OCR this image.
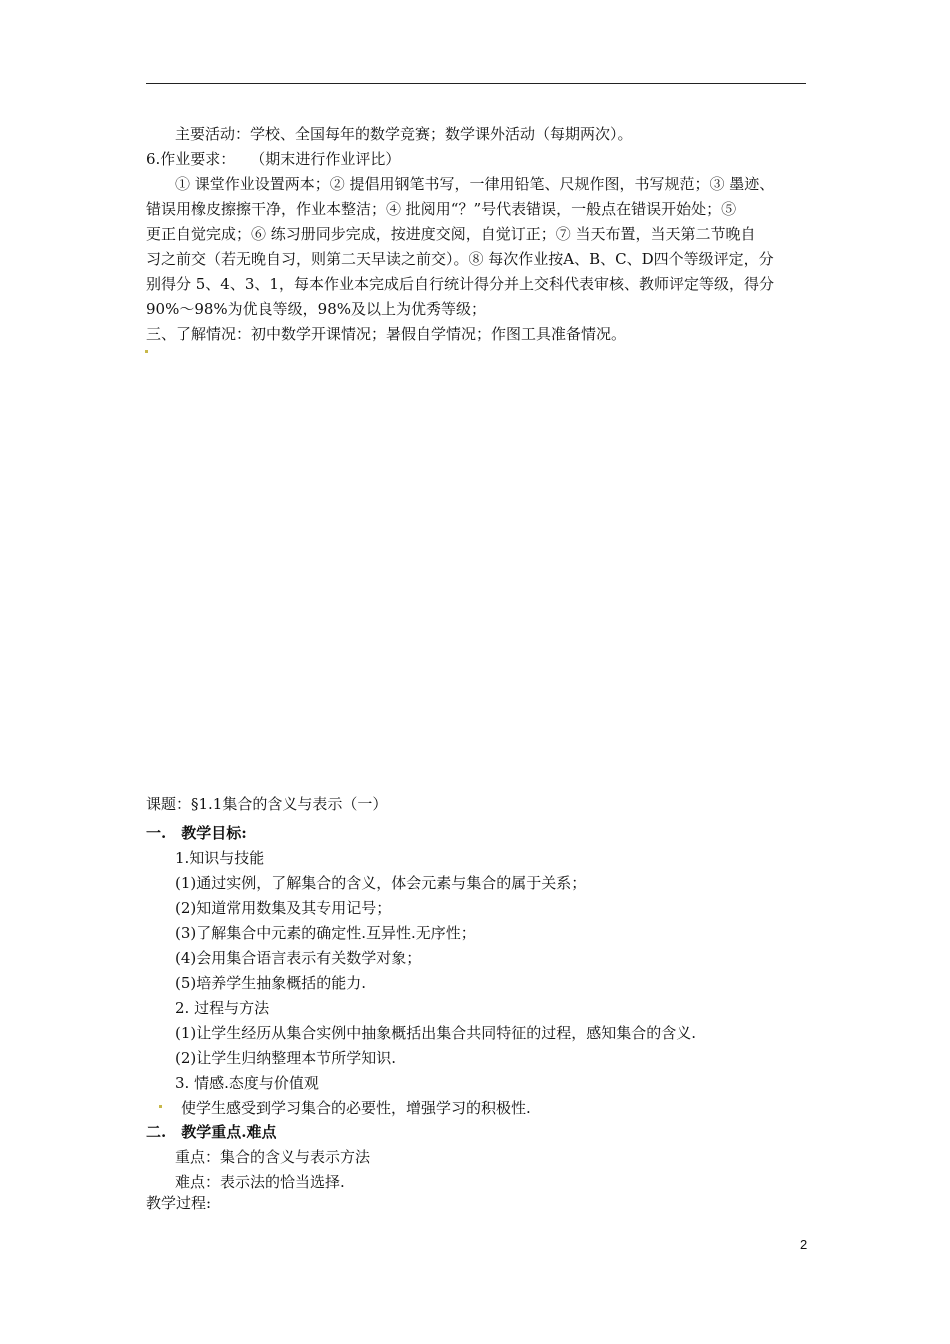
主要活动：学校、全国每年的数学竞赛；数学课外活动（每期两次）。
6.作业要求：　　（期末进行作业评比）
① 课堂作业设置两本；② 提倡用钢笔书写，一律用铅笔、尺规作图，书写规范；③ 墨迹、
错误用橡皮擦擦干净，作业本整洁；④ 批阅用“？”号代表错误，一般点在错误开始处；⑤
更正自觉完成；⑥ 练习册同步完成，按进度交阅，自觉订正；⑦ 当天布置，当天第二节晚自
习之前交（若无晚自习，则第二天早读之前交）。⑧ 每次作业按A、B、C、D四个等级评定，分
别得分 5、4、3、1，每本作业本完成后自行统计得分并上交科代表审核、教师评定等级，得分
90%～98%为优良等级，98%及以上为优秀等级；
三、了解情况：初中数学开课情况；暑假自学情况；作图工具准备情况。
课题：§1.1集合的含义与表示（一）
一.　教学目标:
1.知识与技能
(1)通过实例，了解集合的含义，体会元素与集合的属于关系；
(2)知道常用数集及其专用记号；
(3)了解集合中元素的确定性.互异性.无序性；
(4)会用集合语言表示有关数学对象；
(5)培养学生抽象概括的能力.
2. 过程与方法
(1)让学生经历从集合实例中抽象概括出集合共同特征的过程，感知集合的含义.
(2)让学生归纳整理本节所学知识.
3. 情感.态度与价值观
使学生感受到学习集合的必要性，增强学习的积极性.
二.　教学重点.难点
重点：集合的含义与表示方法
难点：表示法的恰当选择.
教学过程:
2
